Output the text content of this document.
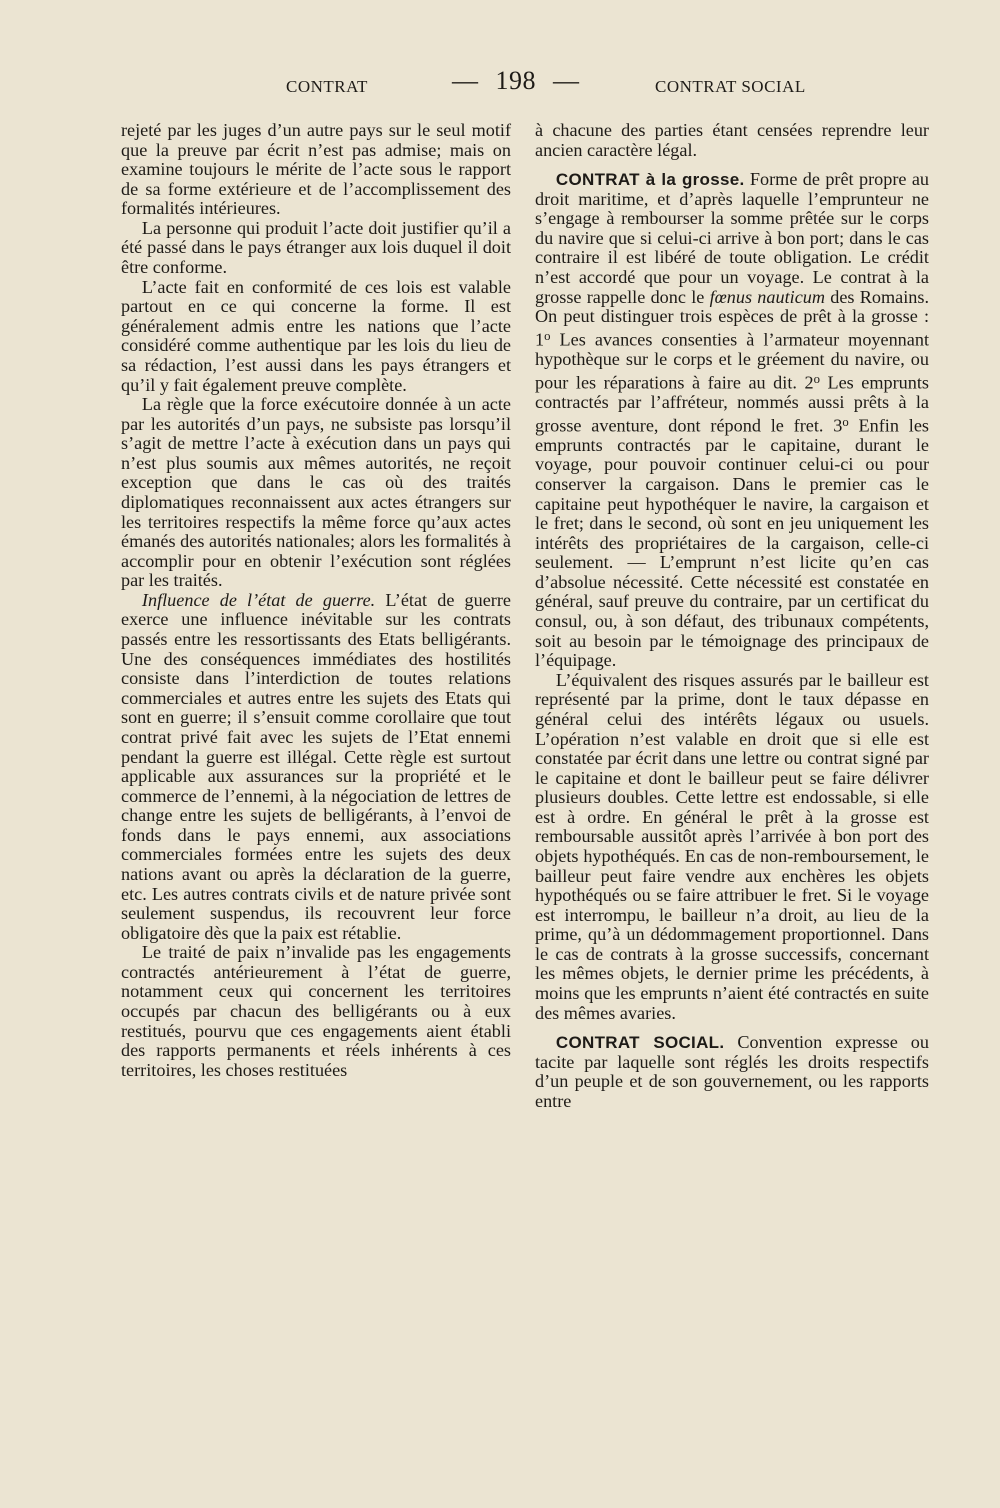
CONTRAT	— 198 —	CONTRAT SOCIAL

rejeté par les juges d’un autre pays sur le seul motif que la preuve par écrit n’est pas admise; mais on examine toujours le mérite de l’acte sous le rapport de sa forme extérieure et de l’accomplissement des formalités intérieures.

La personne qui produit l’acte doit justifier qu’il a été passé dans le pays étranger aux lois duquel il doit être conforme.

L’acte fait en conformité de ces lois est valable partout en ce qui concerne la forme. Il est généralement admis entre les nations que l’acte considéré comme authentique par les lois du lieu de sa rédaction, l’est aussi dans les pays étrangers et qu’il y fait également preuve complète.

La règle que la force exécutoire donnée à un acte par les autorités d’un pays, ne subsiste pas lorsqu’il s’agit de mettre l’acte à exécution dans un pays qui n’est plus soumis aux mêmes autorités, ne reçoit exception que dans le cas où des traités diplomatiques reconnaissent aux actes étrangers sur les territoires respectifs la même force qu’aux actes émanés des autorités nationales; alors les formalités à accomplir pour en obtenir l’exécution sont réglées par les traités.

Influence de l’état de guerre. L’état de guerre exerce une influence inévitable sur les contrats passés entre les ressortissants des Etats belligérants. Une des conséquences immédiates des hostilités consiste dans l’interdiction de toutes relations commerciales et autres entre les sujets des Etats qui sont en guerre; il s’ensuit comme corollaire que tout contrat privé fait avec les sujets de l’Etat ennemi pendant la guerre est illégal. Cette règle est surtout applicable aux assurances sur la propriété et le commerce de l’ennemi, à la négociation de lettres de change entre les sujets de belligérants, à l’envoi de fonds dans le pays ennemi, aux associations commerciales formées entre les sujets des deux nations avant ou après la déclaration de la guerre, etc. Les autres contrats civils et de nature privée sont seulement suspendus, ils recouvrent leur force obligatoire dès que la paix est rétablie.

Le traité de paix n’invalide pas les engagements contractés antérieurement à l’état de guerre, notamment ceux qui concernent les territoires occupés par chacun des belligérants ou à eux restitués, pourvu que ces engagements aient établi des rapports permanents et réels inhérents à ces territoires, les choses restituées

à chacune des parties étant censées reprendre leur ancien caractère légal.

CONTRAT à la grosse. Forme de prêt propre au droit maritime, et d’après laquelle l’emprunteur ne s’engage à rembourser la somme prêtée sur le corps du navire que si celui-ci arrive à bon port; dans le cas contraire il est libéré de toute obligation. Le crédit n’est accordé que pour un voyage. Le contrat à la grosse rappelle donc le fœnus nauticum des Romains. On peut distinguer trois espèces de prêt à la grosse : 1$^o$ Les avances consenties à l’armateur moyennant hypothèque sur le corps et le gréement du navire, ou pour les réparations à faire au dit. 2$^o$ Les emprunts contractés par l’affréteur, nommés aussi prêts à la grosse aventure, dont répond le fret. 3$^o$ Enfin les emprunts contractés par le capitaine, durant le voyage, pour pouvoir continuer celui-ci ou pour conserver la cargaison. Dans le premier cas le capitaine peut hypothéquer le navire, la cargaison et le fret; dans le second, où sont en jeu uniquement les intérêts des propriétaires de la cargaison, celle-ci seulement. — L’emprunt n’est licite qu’en cas d’absolue nécessité. Cette nécessité est constatée en général, sauf preuve du contraire, par un certificat du consul, ou, à son défaut, des tribunaux compétents, soit au besoin par le témoignage des principaux de l’équipage.

L’équivalent des risques assurés par le bailleur est représenté par la prime, dont le taux dépasse en général celui des intérêts légaux ou usuels. L’opération n’est valable en droit que si elle est constatée par écrit dans une lettre ou contrat signé par le capitaine et dont le bailleur peut se faire délivrer plusieurs doubles. Cette lettre est endossable, si elle est à ordre. En général le prêt à la grosse est remboursable aussitôt après l’arrivée à bon port des objets hypothéqués. En cas de non-remboursement, le bailleur peut faire vendre aux enchères les objets hypothéqués ou se faire attribuer le fret. Si le voyage est interrompu, le bailleur n’a droit, au lieu de la prime, qu’à un dédommagement proportionnel. Dans le cas de contrats à la grosse successifs, concernant les mêmes objets, le dernier prime les précédents, à moins que les emprunts n’aient été contractés en suite des mêmes avaries.

CONTRAT SOCIAL. Convention expresse ou tacite par laquelle sont réglés les droits respectifs d’un peuple et de son gouvernement, ou les rapports entre
